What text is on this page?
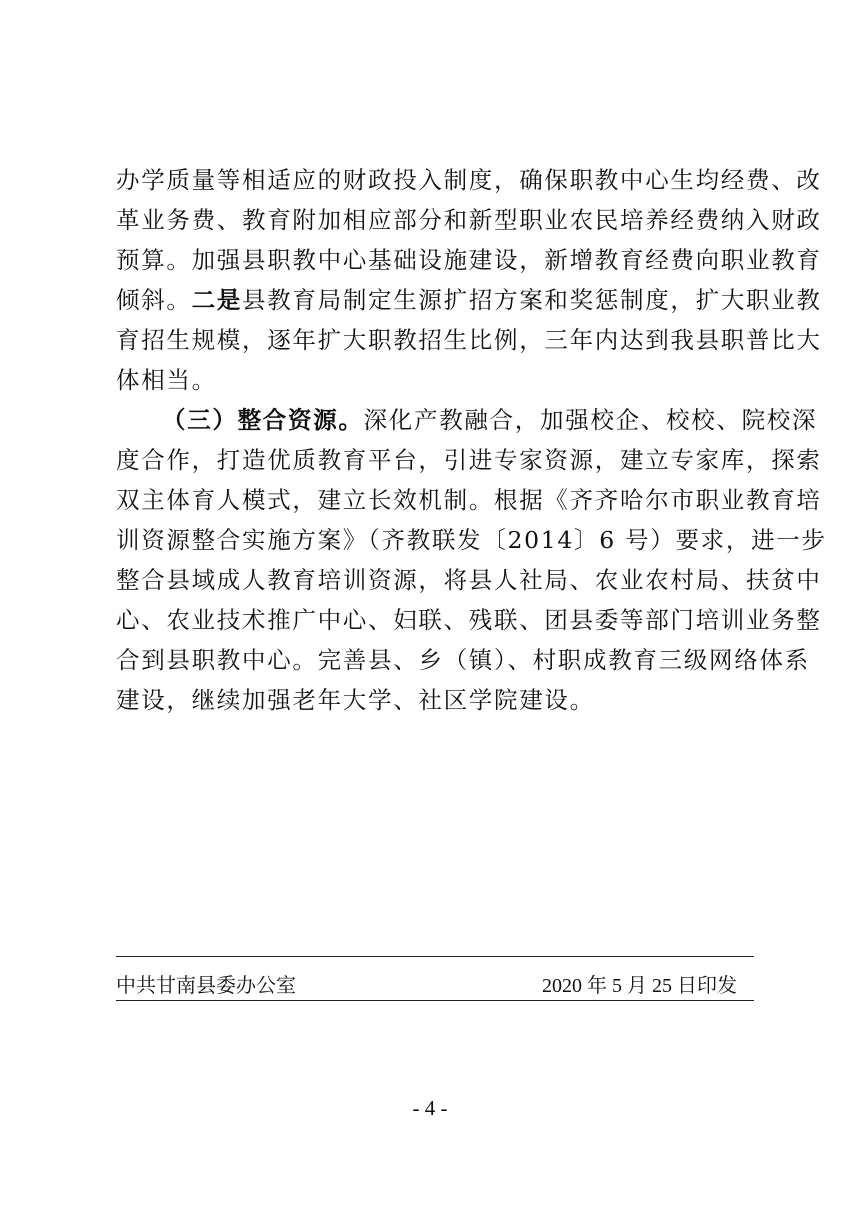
办学质量等相适应的财政投入制度，确保职教中心生均经费、改
革业务费、教育附加相应部分和新型职业农民培养经费纳入财政
预算。加强县职教中心基础设施建设，新增教育经费向职业教育
倾斜。二是县教育局制定生源扩招方案和奖惩制度，扩大职业教
育招生规模，逐年扩大职教招生比例，三年内达到我县职普比大
体相当。
（三）整合资源。深化产教融合，加强校企、校校、院校深
度合作，打造优质教育平台，引进专家资源，建立专家库，探索
双主体育人模式，建立长效机制。根据《齐齐哈尔市职业教育培
训资源整合实施方案》（齐教联发〔2014〕6 号）要求，进一步
整合县域成人教育培训资源，将县人社局、农业农村局、扶贫中
心、农业技术推广中心、妇联、残联、团县委等部门培训业务整
合到县职教中心。完善县、乡（镇）、村职成教育三级网络体系
建设，继续加强老年大学、社区学院建设。
中共甘南县委办公室	2020 年 5 月 25 日印发
- 4 -
